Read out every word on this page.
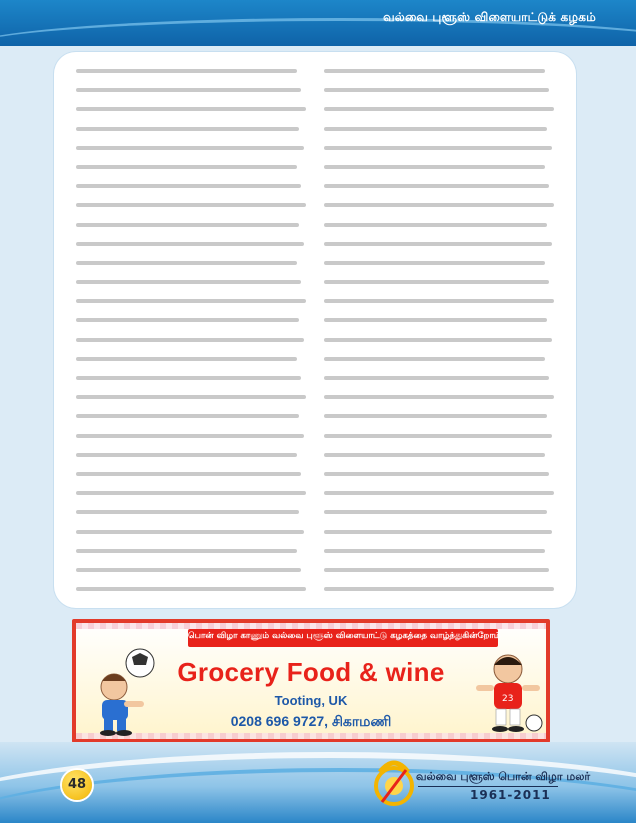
வல்வை புளூஸ் விளையாட்டுக் கழகம்
பொன் விழா காணும் வல்வை புளூஸ் விளையாட்டு கழகத்தை வாழ்த்துகின்றோம்
23
Grocery Food & wine
Tooting, UK
0208 696 9727, சிகாமணி
48
வல்வை புளூஸ் பொன் விழா மலர்
1961-2011
